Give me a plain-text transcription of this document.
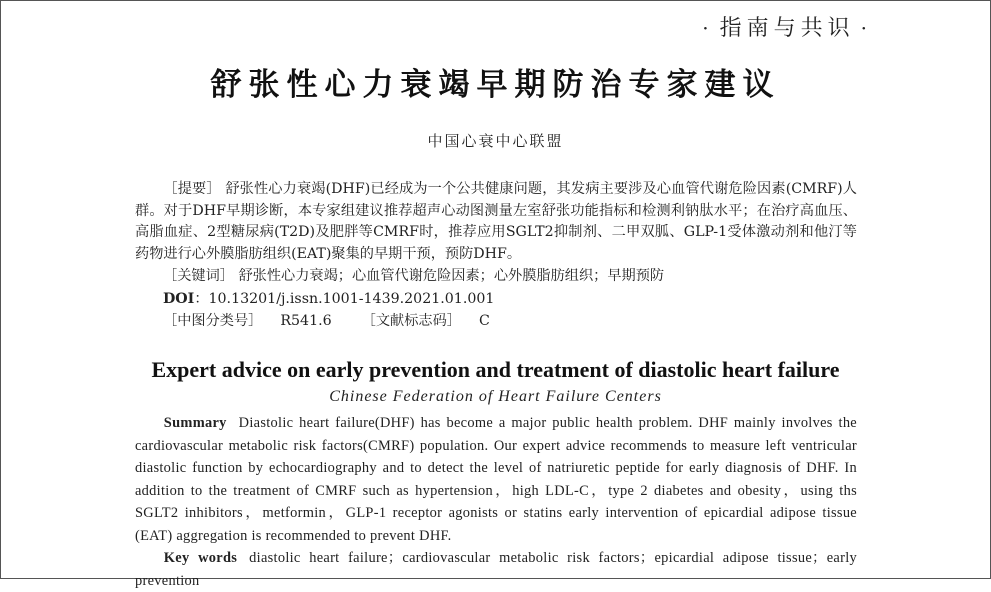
· 指南与共识 ·
舒张性心力衰竭早期防治专家建议
中国心衰中心联盟
［提要］ 舒张性心力衰竭(DHF)已经成为一个公共健康问题，其发病主要涉及心血管代谢危险因素(CMRF)人群。对于DHF早期诊断，本专家组建议推荐超声心动图测量左室舒张功能指标和检测利钠肽水平；在治疗高血压、高脂血症、2型糖尿病(T2D)及肥胖等CMRF时，推荐应用SGLT2抑制剂、二甲双胍、GLP-1受体激动剂和他汀等药物进行心外膜脂肪组织(EAT)聚集的早期干预，预防DHF。
［关键词］ 舒张性心力衰竭；心血管代谢危险因素；心外膜脂肪组织；早期预防
DOI：10.13201/j.issn.1001-1439.2021.01.001
［中图分类号］ R541.6 ［文献标志码］ C
Expert advice on early prevention and treatment of diastolic heart failure
Chinese Federation of Heart Failure Centers
Summary Diastolic heart failure(DHF) has become a major public health problem. DHF mainly involves the cardiovascular metabolic risk factors(CMRF) population. Our expert advice recommends to measure left ventricular diastolic function by echocardiography and to detect the level of natriuretic peptide for early diagnosis of DHF. In addition to the treatment of CMRF such as hypertension，high LDL-C，type 2 diabetes and obesity，using ths SGLT2 inhibitors，metformin，GLP-1 receptor agonists or statins early intervention of epicardial adipose tissue (EAT) aggregation is recommended to prevent DHF.
Key words diastolic heart failure；cardiovascular metabolic risk factors；epicardial adipose tissue；early prevention
